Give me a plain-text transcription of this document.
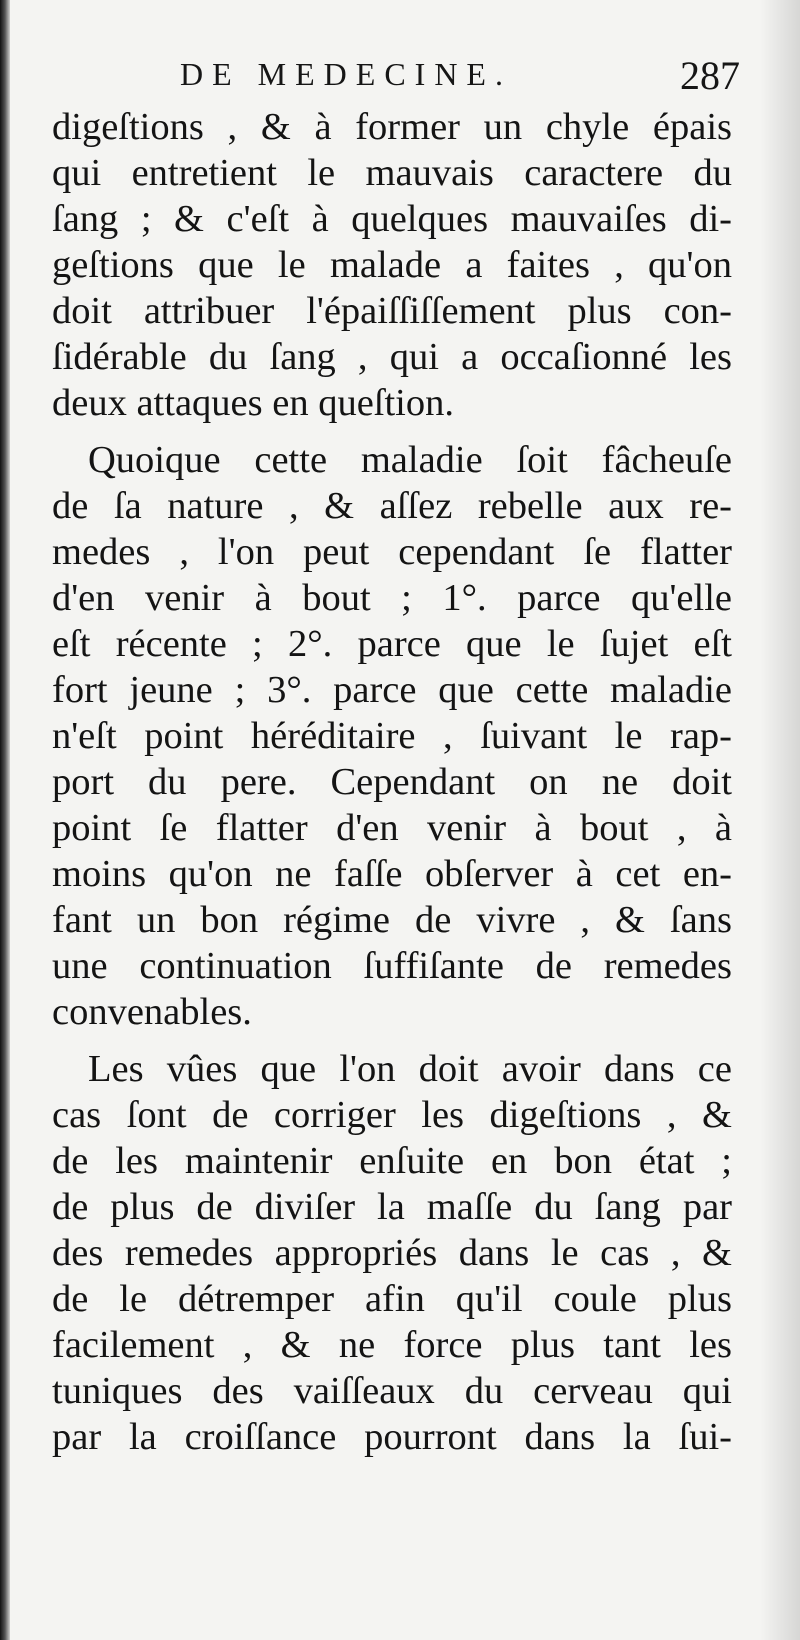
DE MEDECINE.	287
digeſtions , & à former un chyle épais
qui entretient le mauvais caractere du
ſang ; & c'eſt à quelques mauvaiſes di-
geſtions que le malade a faites , qu'on
doit attribuer l'épaiſſiſſement plus con-
ſidérable du ſang , qui a occaſionné les
deux attaques en queſtion.
Quoique cette maladie ſoit fâcheuſe
de ſa nature , & aſſez rebelle aux re-
medes , l'on peut cependant ſe flatter
d'en venir à bout ; 1°. parce qu'elle
eſt récente ; 2°. parce que le ſujet eſt
fort jeune ; 3°. parce que cette maladie
n'eſt point héréditaire , ſuivant le rap-
port du pere. Cependant on ne doit
point ſe flatter d'en venir à bout , à
moins qu'on ne faſſe obſerver à cet en-
fant un bon régime de vivre , & ſans
une continuation ſuffiſante de remedes
convenables.
Les vûes que l'on doit avoir dans ce
cas ſont de corriger les digeſtions , &
de les maintenir enſuite en bon état ;
de plus de diviſer la maſſe du ſang par
des remedes appropriés dans le cas , &
de le détremper afin qu'il coule plus
facilement , & ne force plus tant les
tuniques des vaiſſeaux du cerveau qui
par la croiſſance pourront dans la ſui-
